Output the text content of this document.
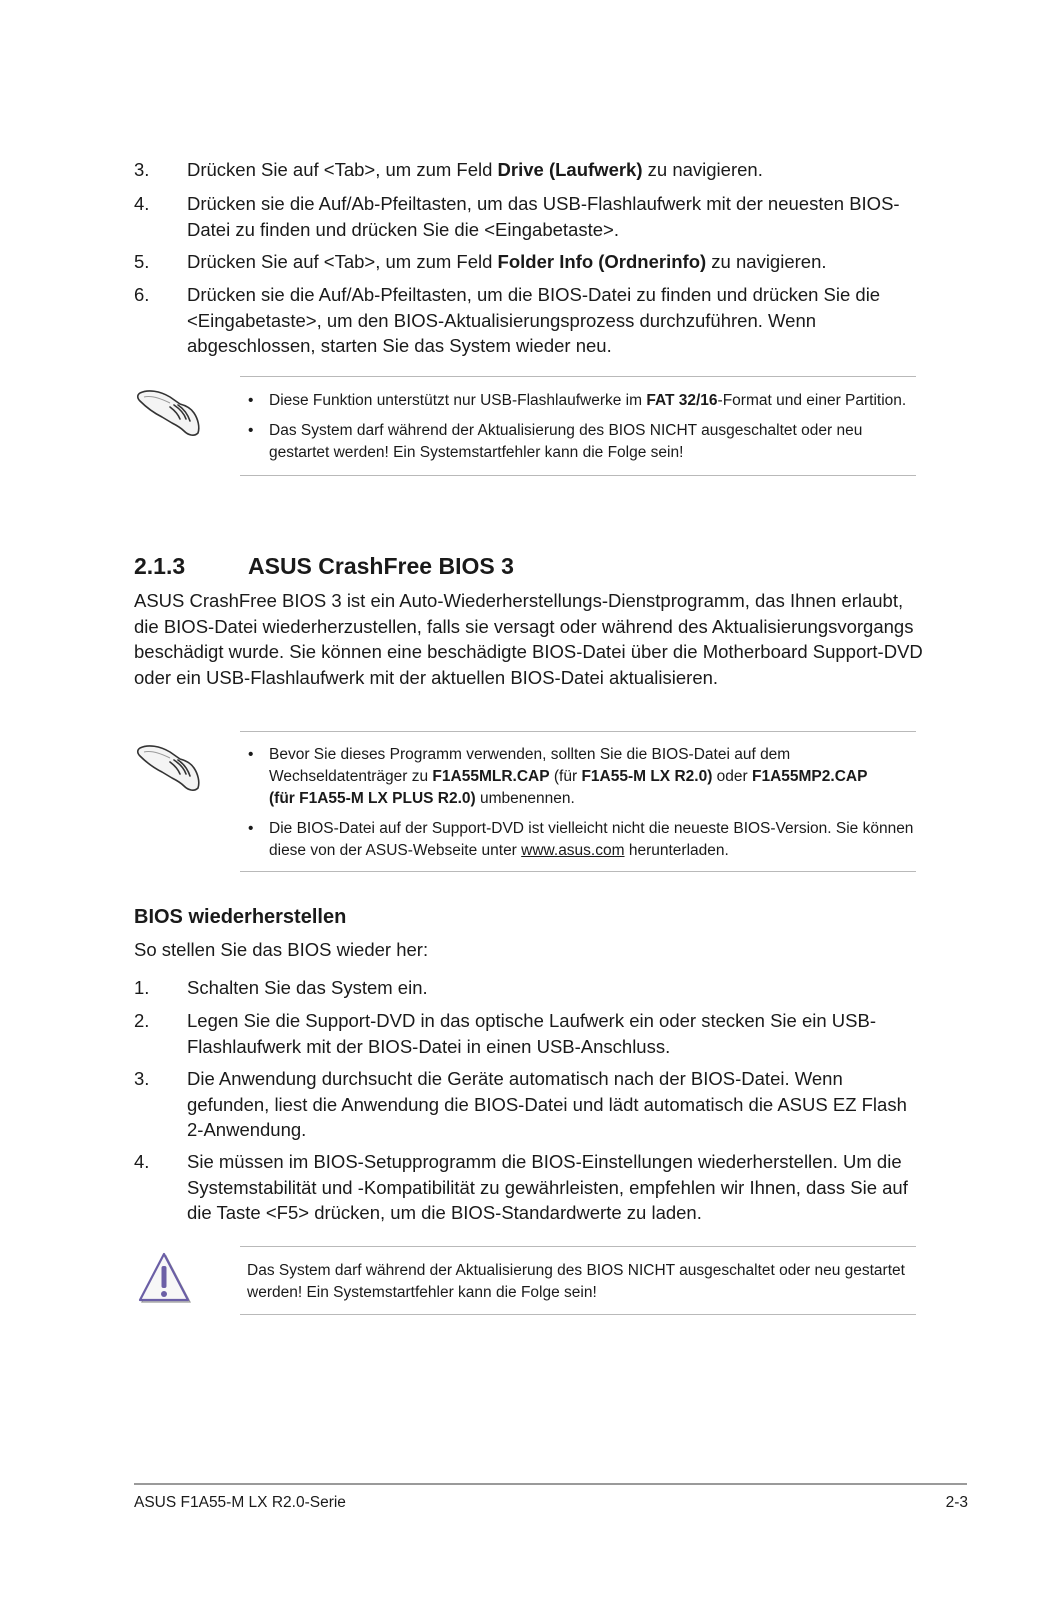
3. Drücken Sie auf <Tab>, um zum Feld Drive (Laufwerk) zu navigieren.
4. Drücken sie die Auf/Ab-Pfeiltasten, um das USB-Flashlaufwerk mit der neuesten BIOS-Datei zu finden und drücken Sie die <Eingabetaste>.
5. Drücken Sie auf <Tab>, um zum Feld Folder Info (Ordnerinfo) zu navigieren.
6. Drücken sie die Auf/Ab-Pfeiltasten, um die BIOS-Datei zu finden und drücken Sie die <Eingabetaste>, um den BIOS-Aktualisierungsprozess durchzuführen. Wenn abgeschlossen, starten Sie das System wieder neu.
• Diese Funktion unterstützt nur USB-Flashlaufwerke im FAT 32/16-Format und einer Partition.
• Das System darf während der Aktualisierung des BIOS NICHT ausgeschaltet oder neu gestartet werden! Ein Systemstartfehler kann die Folge sein!
2.1.3	ASUS CrashFree BIOS 3
ASUS CrashFree BIOS 3 ist ein Auto-Wiederherstellungs-Dienstprogramm, das Ihnen erlaubt, die BIOS-Datei wiederherzustellen, falls sie versagt oder während des Aktualisierungsvorgangs beschädigt wurde. Sie können eine beschädigte BIOS-Datei über die Motherboard Support-DVD oder ein USB-Flashlaufwerk mit der aktuellen BIOS-Datei aktualisieren.
• Bevor Sie dieses Programm verwenden, sollten Sie die BIOS-Datei auf dem Wechseldatenträger zu F1A55MLR.CAP (für F1A55-M LX R2.0) oder F1A55MP2.CAP
(für F1A55-M LX PLUS R2.0) umbenennen.
• Die BIOS-Datei auf der Support-DVD ist vielleicht nicht die neueste BIOS-Version. Sie können diese von der ASUS-Webseite unter www.asus.com herunterladen.
BIOS wiederherstellen
So stellen Sie das BIOS wieder her:
1. Schalten Sie das System ein.
2. Legen Sie die Support-DVD in das optische Laufwerk ein oder stecken Sie ein USB-Flashlaufwerk mit der BIOS-Datei in einen USB-Anschluss.
3. Die Anwendung durchsucht die Geräte automatisch nach der BIOS-Datei. Wenn gefunden, liest die Anwendung die BIOS-Datei und lädt automatisch die ASUS EZ Flash 2-Anwendung.
4. Sie müssen im BIOS-Setupprogramm die BIOS-Einstellungen wiederherstellen. Um die Systemstabilität und -Kompatibilität zu gewährleisten, empfehlen wir Ihnen, dass Sie auf die Taste <F5> drücken, um die BIOS-Standardwerte zu laden.
Das System darf während der Aktualisierung des BIOS NICHT ausgeschaltet oder neu gestartet werden! Ein Systemstartfehler kann die Folge sein!
ASUS F1A55-M LX R2.0-Serie	2-3
